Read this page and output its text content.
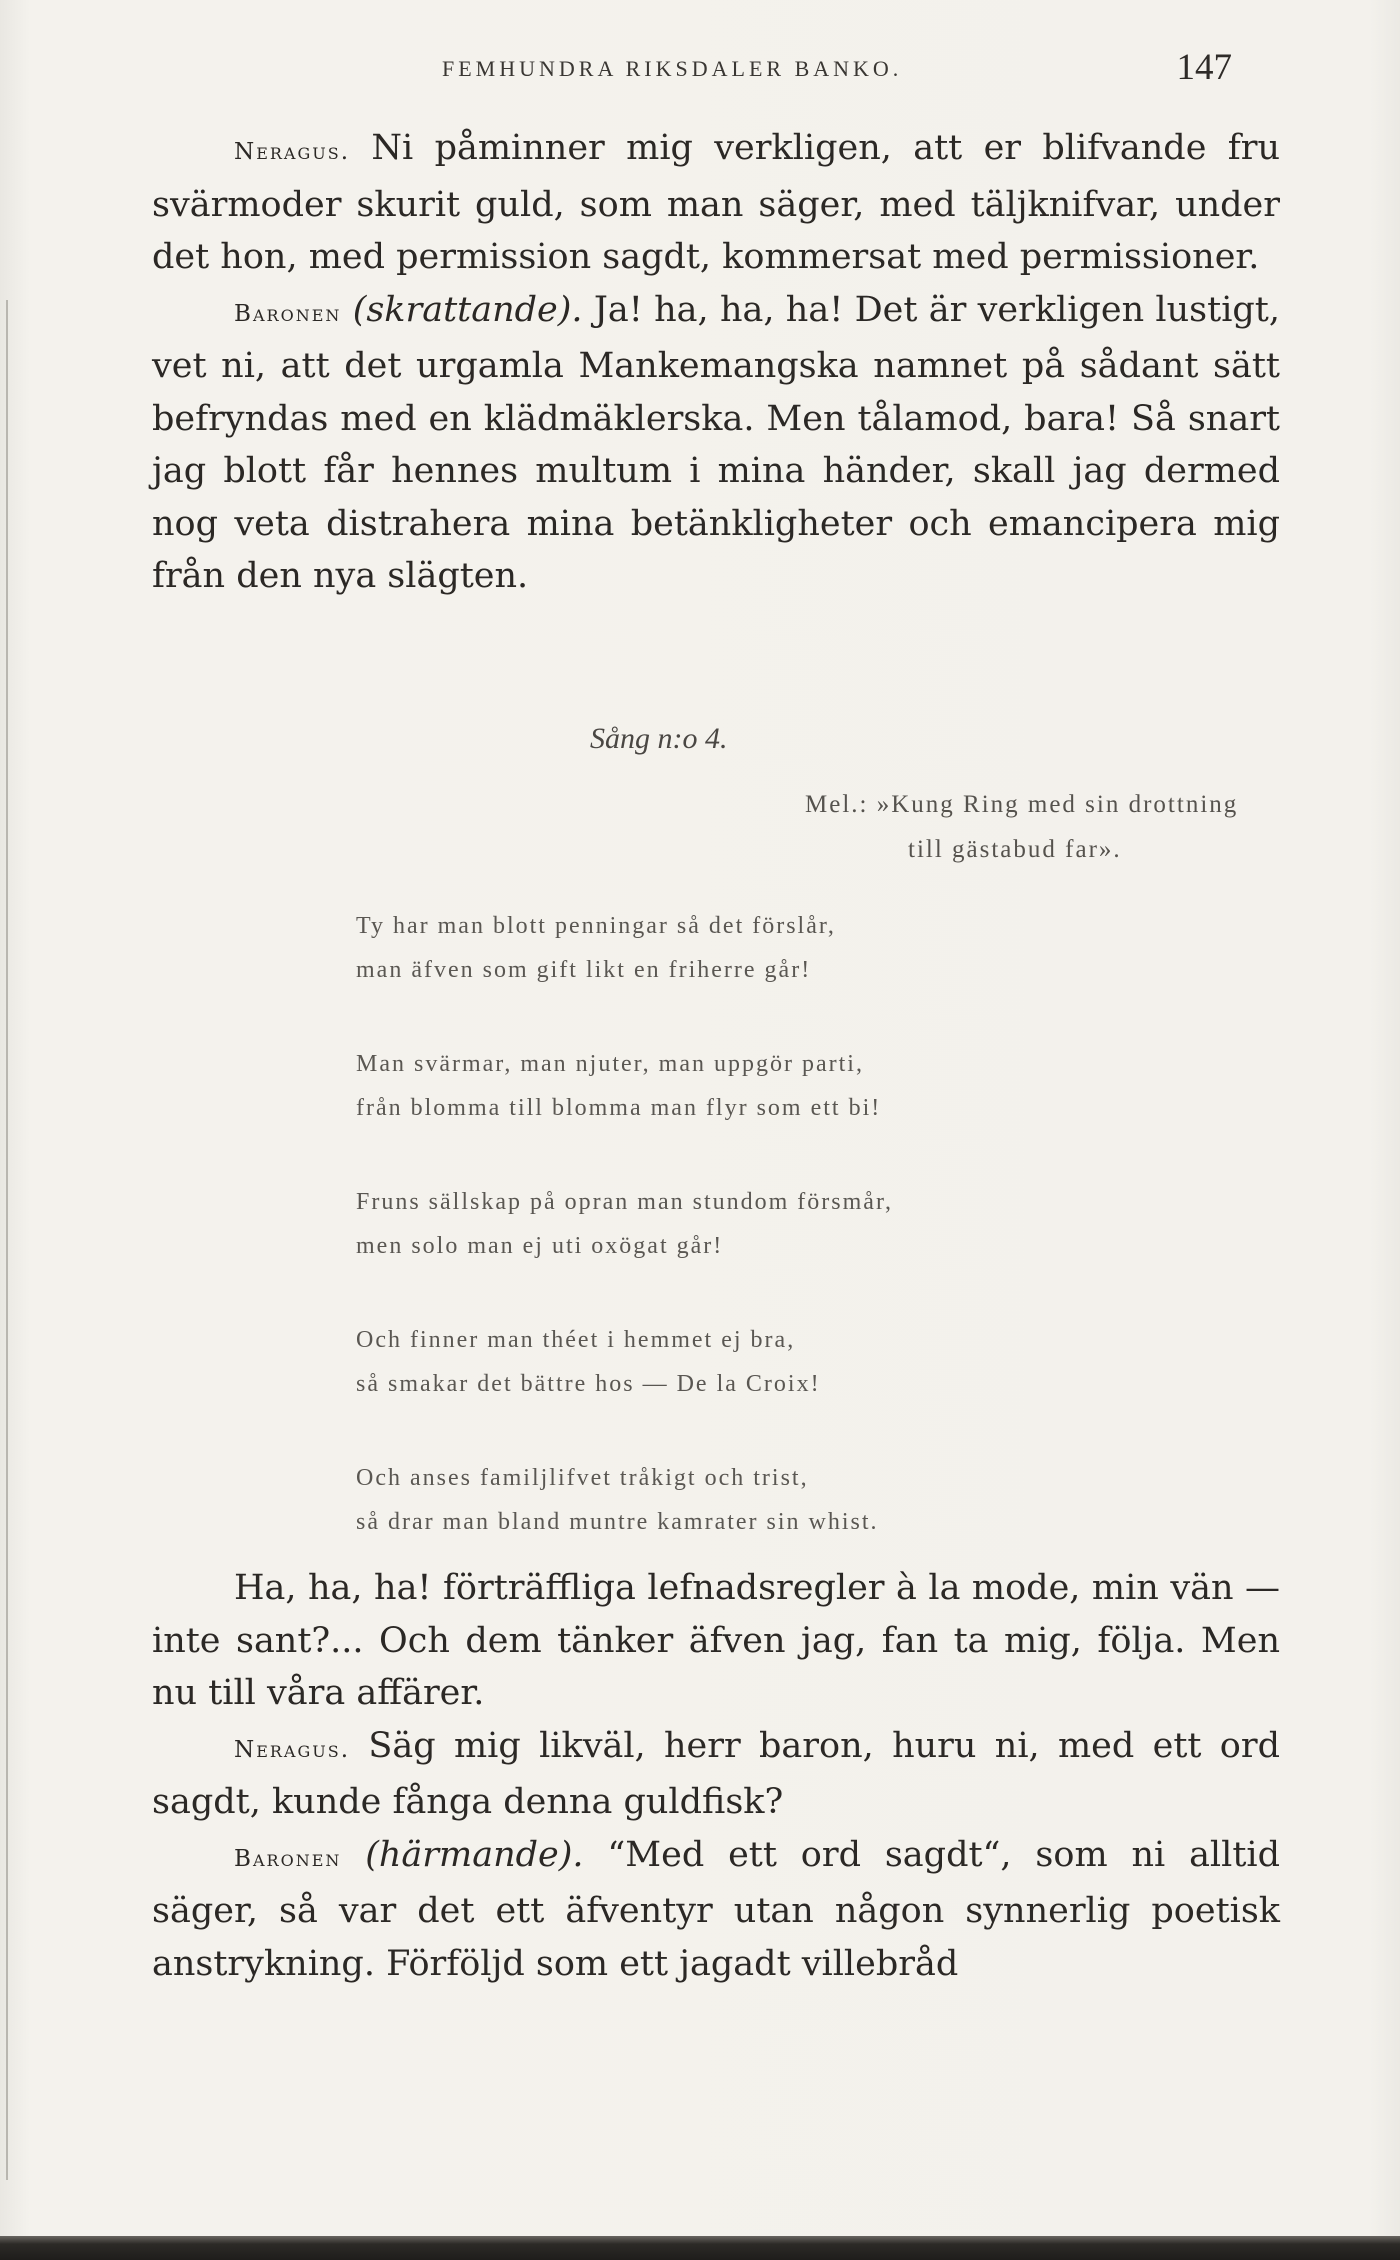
FEMHUNDRA RIKSDALER BANKO.	147

Neragus. Ni påminner mig verkligen, att er blifvande fru svärmoder skurit guld, som man säger, med täljknifvar, under det hon, med permission sagdt, kommersat med permissioner.

Baronen (skrattande). Ja! ha, ha, ha! Det är verkligen lustigt, vet ni, att det urgamla Mankemangska namnet på sådant sätt befryndas med en klädmäklerska. Men tålamod, bara! Så snart jag blott får hennes multum i mina händer, skall jag dermed nog veta distrahera mina betänkligheter och emancipera mig från den nya slägten.

Sång n:o 4.
Mel.: »Kung Ring med sin drottning
till gästabud far».
Ty har man blott penningar så det förslår,
man äfven som gift likt en friherre går!
Man svärmar, man njuter, man uppgör parti,
från blomma till blomma man flyr som ett bi!
Fruns sällskap på opran man stundom försmår,
men solo man ej uti oxögat går!
Och finner man théet i hemmet ej bra,
så smakar det bättre hos — De la Croix!
Och anses familjlifvet tråkigt och trist,
så drar man bland muntre kamrater sin whist.

Ha, ha, ha! förträffliga lefnadsregler à la mode, min vän — inte sant?... Och dem tänker äfven jag, fan ta mig, följa. Men nu till våra affärer.

Neragus. Säg mig likväl, herr baron, huru ni, med ett ord sagdt, kunde fånga denna guldfisk?

Baronen (härmande). “Med ett ord sagdt“, som ni alltid säger, så var det ett äfventyr utan någon synnerlig poetisk anstrykning. Förföljd som ett jagadt villebråd
